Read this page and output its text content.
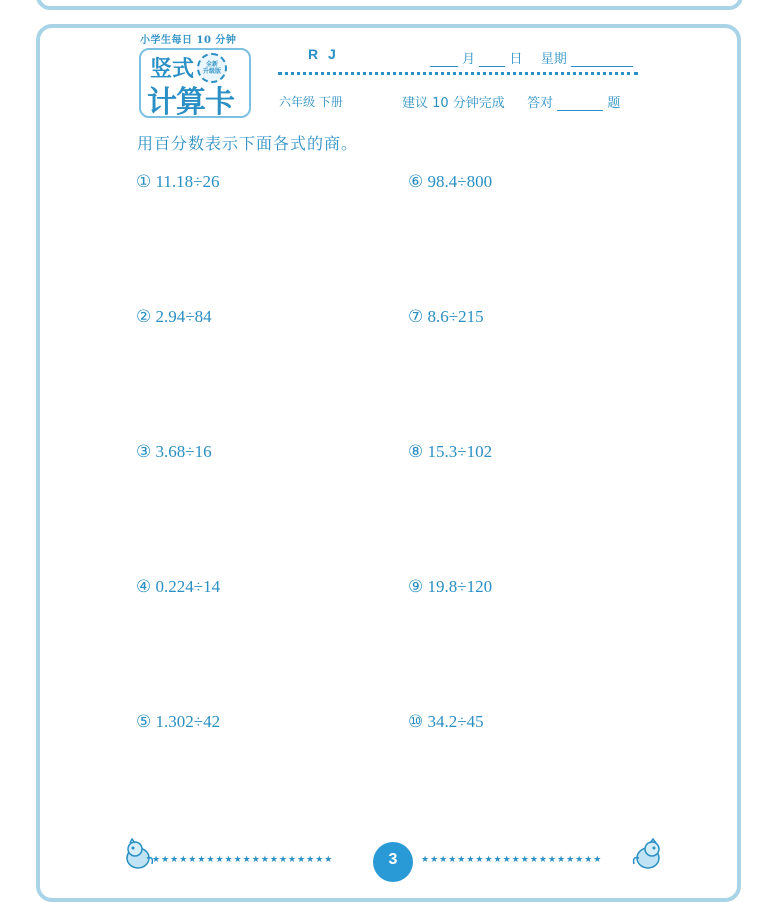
小学生每日 10 分钟
竖式
计算卡
全新
升级版
R J	月	日 星期
六年级 下册	建议 10 分钟完成 答对	题
用百分数表示下面各式的商。
① 11.18÷26
② 2.94÷84
③ 3.68÷16
④ 0.224÷14
⑤ 1.302÷42
⑥ 98.4÷800
⑦ 8.6÷215
⑧ 15.3÷102
⑨ 19.8÷120
⑩ 34.2÷45
★★★★★★★★★★★★★★★★★★★★	3	★★★★★★★★★★★★★★★★★★★★
